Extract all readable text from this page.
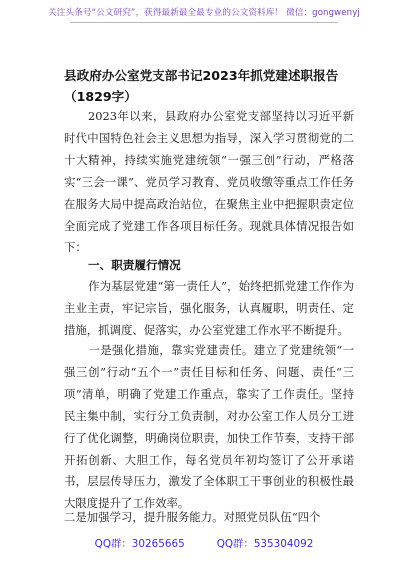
关注头条号“公文研究”，获得最新最全最专业的公文资料库！ 微信：gongwenyj
县政府办公室党支部书记2023年抓党建述职报告（1829字）
2023年以来，县政府办公室党支部坚持以习近平新时代中国特色社会主义思想为指导，深入学习贯彻党的二十大精神，持续实施党建统领“一强三创”行动，严格落实“三会一课”、党员学习教育、党员收缴等重点工作任务在服务大局中提高政治站位，在聚焦主业中把握职责定位全面完成了党建工作各项目标任务。现就具体情况报告如下：
一、职责履行情况
作为基层党建“第一责任人”，始终把抓党建工作作为主业主责，牢记宗旨，强化服务，认真履职，明责任、定措施，抓调度、促落实，办公室党建工作水平不断提升。
一是强化措施，靠实党建责任。建立了党建统领“一强三创”行动“五个一”责任目标和任务、问题、责任“三项”清单，明确了党建工作重点，靠实了工作责任。坚持民主集中制，实行分工负责制，对办公室工作人员分工进行了优化调整，明确岗位职责，加快工作节奏，支持干部开拓创新、大胆工作，每名党员年初均签订了公开承诺书，层层传导压力，激发了全体职工干事创业的积极性最大限度提升了工作效率。
二是加强学习，提升服务能力。对照党员队伍“四个
QQ群：30265665	QQ群：535304092
